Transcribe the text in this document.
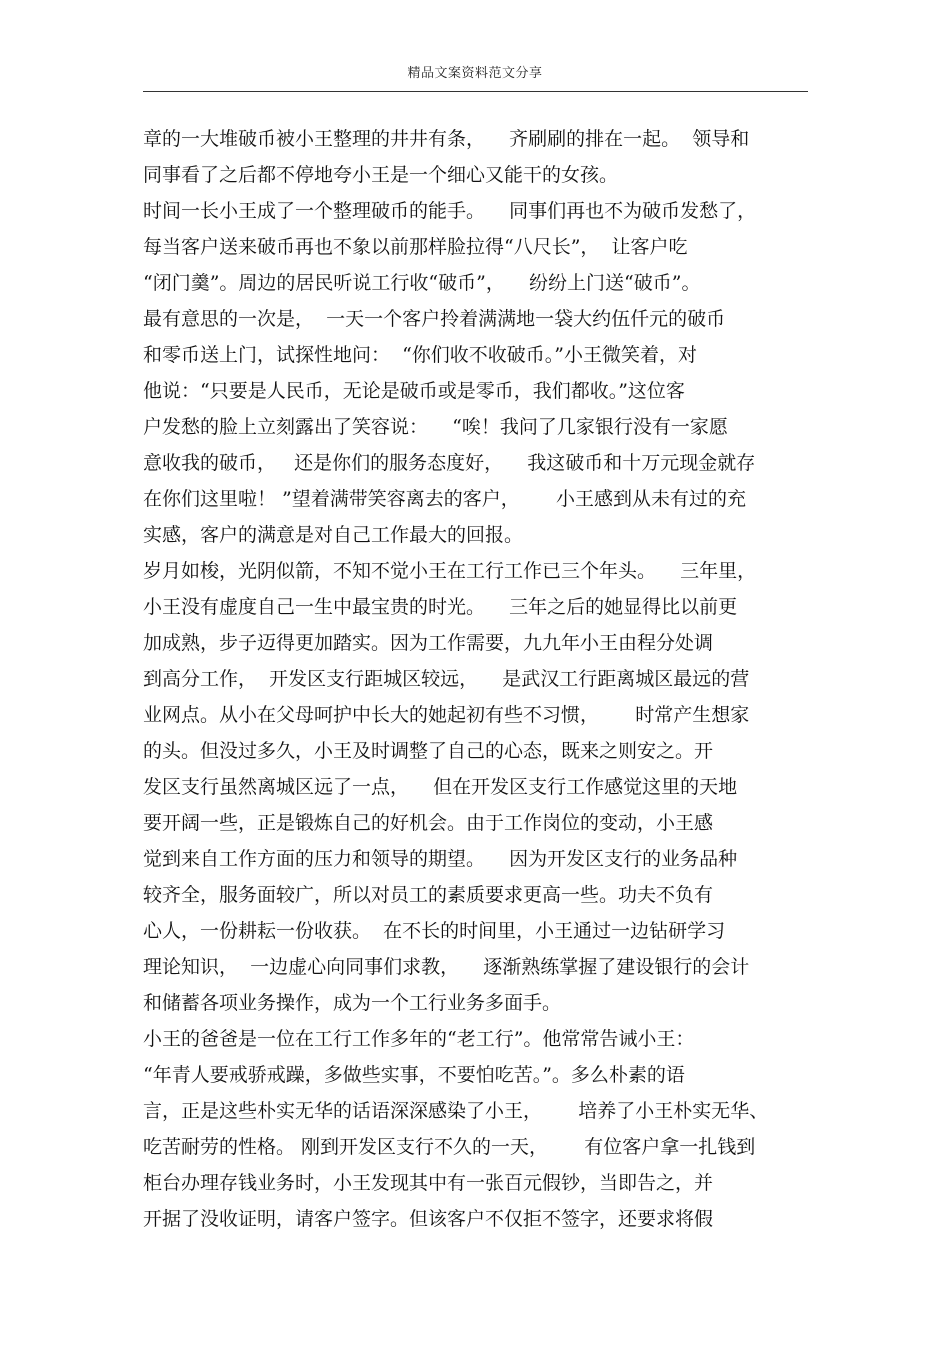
精品文案资料范文分享
章的一大堆破币被小王整理的井井有条，    齐刷刷的排在一起。  领导和
同事看了之后都不停地夸小王是一个细心又能干的女孩。
时间一长小王成了一个整理破币的能手。    同事们再也不为破币发愁了，
每当客户送来破币再也不象以前那样脸拉得“八尺长”，  让客户吃
“闭门羹”。周边的居民听说工行收“破币”，    纷纷上门送“破币”。
最有意思的一次是，  一天一个客户拎着满满地一袋大约伍仟元的破币
和零币送上门，试探性地问：  “你们收不收破币。”小王微笑着，对
他说：“只要是人民币，无论是破币或是零币，我们都收。”这位客
户发愁的脸上立刻露出了笑容说：    “唉！我问了几家银行没有一家愿
意收我的破币，   还是你们的服务态度好，    我这破币和十万元现金就存
在你们这里啦！ ”望着满带笑容离去的客户，      小王感到从未有过的充
实感，客户的满意是对自己工作最大的回报。
岁月如梭，光阴似箭，不知不觉小王在工行工作已三个年头。    三年里，
小王没有虚度自己一生中最宝贵的时光。    三年之后的她显得比以前更
加成熟，步子迈得更加踏实。因为工作需要，九九年小王由程分处调
到高分工作，  开发区支行距城区较远，    是武汉工行距离城区最远的营
业网点。从小在父母呵护中长大的她起初有些不习惯，      时常产生想家
的头。但没过多久，小王及时调整了自己的心态，既来之则安之。开
发区支行虽然离城区远了一点，    但在开发区支行工作感觉这里的天地
要开阔一些，正是锻炼自己的好机会。由于工作岗位的变动，小王感
觉到来自工作方面的压力和领导的期望。    因为开发区支行的业务品种
较齐全，服务面较广，所以对员工的素质要求更高一些。功夫不负有
心人，一份耕耘一份收获。  在不长的时间里，小王通过一边钻研学习
理论知识，  一边虚心向同事们求教，    逐渐熟练掌握了建设银行的会计
和储蓄各项业务操作，成为一个工行业务多面手。
小王的爸爸是一位在工行工作多年的“老工行”。他常常告诫小王：
“年青人要戒骄戒躁，多做些实事，不要怕吃苦。”。多么朴素的语
言，正是这些朴实无华的话语深深感染了小王，      培养了小王朴实无华、
吃苦耐劳的性格。 刚到开发区支行不久的一天，      有位客户拿一扎钱到
柜台办理存钱业务时，小王发现其中有一张百元假钞，当即告之，并
开据了没收证明，请客户签字。但该客户不仅拒不签字，还要求将假
